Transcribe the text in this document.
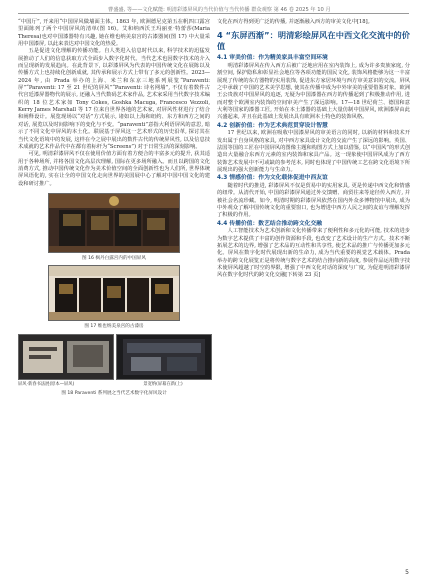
曹盛盛, 等——文化赋能: 明清彩漆屏风的当代价值与当代传播 群众观察 第 46 卷 2025 年 10 月

“中国厅”, 开来用“中国屏风做墙面主体。1863 年, 欧洲德尼克第五在帆四口露宫里面陈列了两个中国屏风的清单(图 16)。艾和纳西沃王玛丽亚·特蕾莎(Maria Theresa)也对中国漆器特有兴趣, 她在维也纳美泉宫的古漆器间(图 17) 中大量采用中国漆屏, 以此来表达对中国文化的热爱。

五是促进文化理解的传播功能。自人类进入信息时代以来, 科学技术的迅猛发展推动了人们的信息获取方式全面步入数字化时代。当代艺术也因数字技术的介入而呈现新的发展趋向。在此背景下, 以彩漆屏风为代表的中国传统文化在展陈以及传播方式上也持续化创新成就, 其传承和展示方式上带有了多元的创新性。2023—2024 年, 由 Prada 举办的上海、米兰和东京三地系列展览“Paraventi: 屏”“Paraventi: 17 至 21 世纪的屏风”“Paraventi: 诗名网墙”, 不仅有着数件古代宫廷漆屏器物代的展示, 还融入当代数码艺术家作品, 艺术家采用当代数字技术编织的 18 位艺术家如 Tony Cokes, Goshka Macuga, Francesco Vezzoli, Kerry James Marshall 等 17 位来自世界各地的艺术家, 对屏风性材进行了结合和阐释设计。展览现场以“对话”方式展示, 诸如以上海和纽约、东方和西方之间的对话, 展览以及时间影响下的变化与不变。“paraventi”意指大利语屏风的意思, 暗示了不同文化中屏风的本土化。联展基于屏风这一艺术形式的历史沿革, 探讨其在当代文化语境中的发展, 这样在今之展中展出的数件古代的传统屏风性, 以及信息技术成就的艺术作品代中在都有着标杆为“Screens”) 对于日常生活的深刻影响。

可见, 明清彩漆屏风不仅在使用价值方面有着方便合的丰富多元的提升, 获其适用于各种场所, 并将各国文化高层次理解, 国际在更多场所融入。而且以跨国的文化消费方式, 推动中国传统文化作为美术价值空间的全面创新性也为人们所, 世界体统屏风语化的, 实在让全的中国文化走向世界的美国展中心了解对中国中国文化的建设和研讨推广。

图 16 枫丹白露宫内的中国屏风
图 17 维也纳美泉宫的古漆房
屏风·新春书法展(原本—屏风)	景宽纳(屏幕在新(上)
图 18 Paraventi 系列展之当代艺术数字化屏风设计

文化在西方得到更广泛的传播, 并逐渐融入西方的审美文化中[18]。

4 “东屏西渐”：明清彩绘屏风在中西文化交流中的价值
4.1 审美价值：作为精美家具丰富空间环境

明清彩漆屏风在传入西方后被广泛地应用在室内装饰上, 成为许多贵族家庭, 分割空间, 保护隐私和彰显社会地位等各项功能的国民文化, 装饰风格能够为这一丰富展现了传统的东方器物的实用装饰, 促进东方家居环境与西方审美意识的交流。屏风之中承载了中国的艺术美学思想, 使其在传播中成为中外审美的重要借鉴对象。欧洲王公贵族对中国屏风的追逐, 无疑为中国漆器在西方的传播起到了积极推动作用, 进而对整个欧洲室内装饰的空间审美产生了深远影响。17—18 世纪荷兰、德国和意大利等国家的漆器工匠, 开始在本土漆器的基础上大量仿制中国屏风, 欧洲漆屏由此兴盛起来, 并且在此基础上发展出具有欧洲本土特色的装饰风格。

4.2 创新价值：作为艺术典范贯穿设计智慧

17 世纪以来, 欧洲在吸收中国漆屏风的审美语言的同时, 以新的材料和技术开发出属于自身风格的家具, 对中西方家具设计文化的交流产生了深远的影响。英国、法国等国的工匠在中国屏风的图像主题和构图方式上加以借鉴, 以“中国风”的形式创造出大量融合东西方元素的室内装饰和家具产品。这一现象使中国屏风成为了西方装饰艺术发展中不可或缺的参考范本, 同时也体现了中国传统工艺在跨文化语境下所展现出的强大创新能力与生命力。

4.3 情感价值：作为文化载体促进中西友谊

随着时代的推进, 彩漆屏风不仅是贸易中的实用家具, 更是传递中西文化和情感的纽带。从清代开始, 中国的彩漆屏风通过外交馈赠、商贸往来等途径传入西方, 并被社会名流珍藏。如今, 明清时期的彩漆屏风依然在国内外众多博物馆中展出, 成为中外观众了解中国传统文化的重要窗口, 也为增进中西方人民之间的友谊与理解发挥了积极的作用。

4.4 传播价值：数艺结合推动跨文化交融

人工智能技术为艺术创新和文化传播带来了便利性和多元化的可能, 技术的进步为数字艺术提供了丰富的创作资源和手段, 也改变了艺术设计的生产方式。技术不断拓展艺术的边界, 增强了艺术品的互动性和共享性, 使艺术品的推广与传播更加多元化。屏风在数字化时代展现出新的生命力, 成为当代重要的视觉艺术载体。Prada 举办的跨文化展览正是将传统与数字艺术的结合推向新的高度, 参展作品运用数字技术使屏风超越了时空的界限, 增强了中西文化对话的深度与广度, 为促进明清彩漆屏风在数字化时代的跨文化交融[下转第 23 页]

5
